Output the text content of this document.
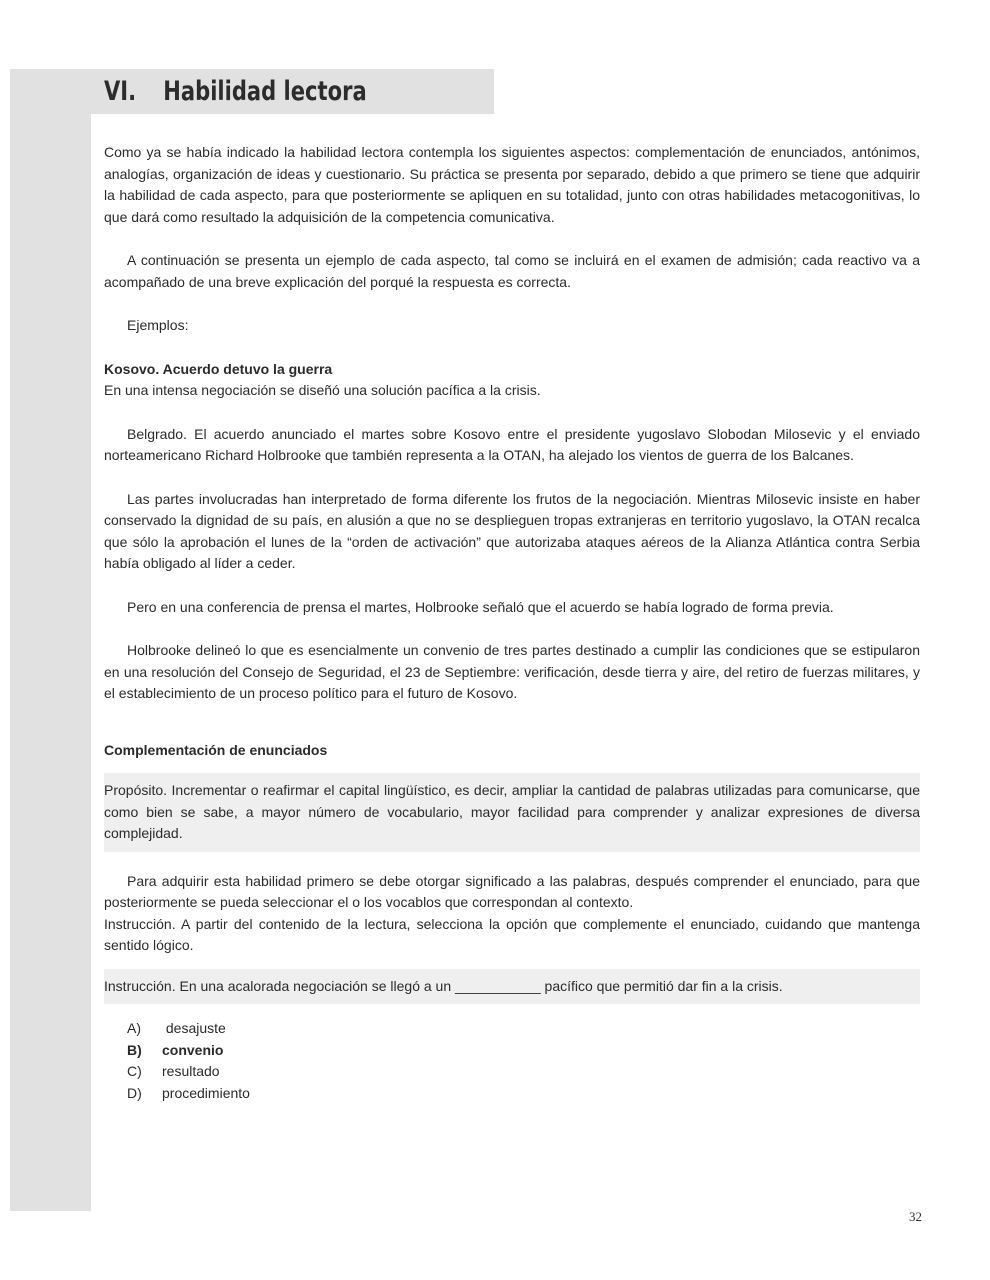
VI. Habilidad lectora

Como ya se había indicado la habilidad lectora contempla los siguientes aspectos: complementación de enunciados, antónimos, analogías, organización de ideas y cuestionario. Su práctica se presenta por separado, debido a que primero se tiene que adquirir la habilidad de cada aspecto, para que posteriormente se apliquen en su totalidad, junto con otras habilidades metacogonitivas, lo que dará como resultado la adquisición de la competencia comunicativa.

A continuación se presenta un ejemplo de cada aspecto, tal como se incluirá en el examen de admisión; cada reactivo va a acompañado de una breve explicación del porqué la respuesta es correcta.

Ejemplos:

Kosovo. Acuerdo detuvo la guerra

En una intensa negociación se diseñó una solución pacífica a la crisis.

Belgrado. El acuerdo anunciado el martes sobre Kosovo entre el presidente yugoslavo Slobodan Milosevic y el enviado norteamericano Richard Holbrooke que también representa a la OTAN, ha alejado los vientos de guerra de los Balcanes.

Las partes involucradas han interpretado de forma diferente los frutos de la negociación. Mientras Milosevic insiste en haber conservado la dignidad de su país, en alusión a que no se desplieguen tropas extranjeras en territorio yugoslavo, la OTAN recalca que sólo la aprobación el lunes de la “orden de activación” que autorizaba ataques aéreos de la Alianza Atlántica contra Serbia había obligado al líder a ceder.

Pero en una conferencia de prensa el martes, Holbrooke señaló que el acuerdo se había logrado de forma previa.

Holbrooke delineó lo que es esencialmente un convenio de tres partes destinado a cumplir las condiciones que se estipularon en una resolución del Consejo de Seguridad, el 23 de Septiembre: verificación, desde tierra y aire, del retiro de fuerzas militares, y el establecimiento de un proceso político para el futuro de Kosovo.

Complementación de enunciados

Propósito. Incrementar o reafirmar el capital lingüístico, es decir, ampliar la cantidad de palabras utilizadas para comunicarse, que como bien se sabe, a mayor número de vocabulario, mayor facilidad para comprender y analizar expresiones de diversa complejidad.

Para adquirir esta habilidad primero se debe otorgar significado a las palabras, después comprender el enunciado, para que posteriormente se pueda seleccionar el o los vocablos que correspondan al contexto.

Instrucción. A partir del contenido de la lectura, selecciona la opción que complemente el enunciado, cuidando que mantenga sentido lógico.

Instrucción. En una acalorada negociación se llegó a un ___________ pacífico que permitió dar fin a la crisis.

A)	desajuste
B)	convenio
C)	resultado
D)	procedimiento
32
